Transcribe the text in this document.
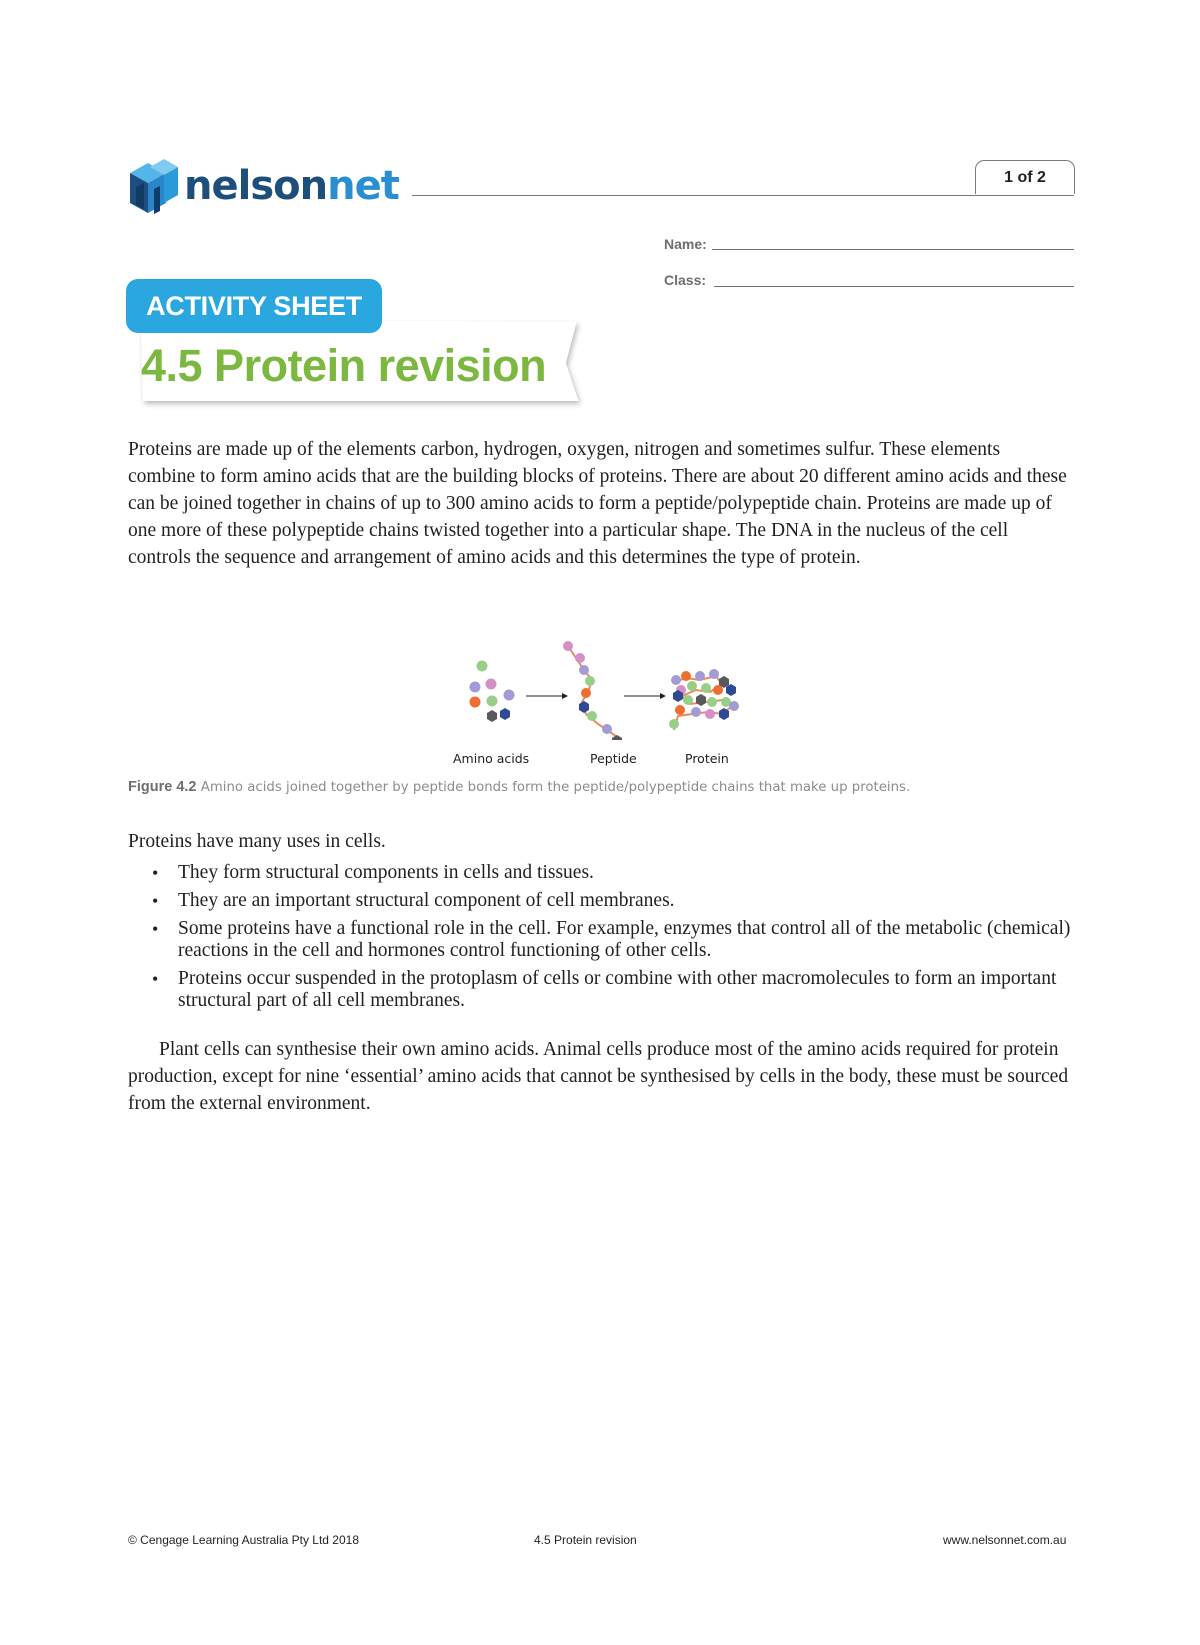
nelsonnet	1 of 2
Name:
Class:
ACTIVITY SHEET
4.5 Protein revision
Proteins are made up of the elements carbon, hydrogen, oxygen, nitrogen and sometimes sulfur. These elements combine to form amino acids that are the building blocks of proteins. There are about 20 different amino acids and these can be joined together in chains of up to 300 amino acids to form a peptide/polypeptide chain. Proteins are made up of one more of these polypeptide chains twisted together into a particular shape. The DNA in the nucleus of the cell controls the sequence and arrangement of amino acids and this determines the type of protein.
Amino acids	Peptide	Protein
Figure 4.2 Amino acids joined together by peptide bonds form the peptide/polypeptide chains that make up proteins.
Proteins have many uses in cells.
• They form structural components in cells and tissues.
• They are an important structural component of cell membranes.
• Some proteins have a functional role in the cell. For example, enzymes that control all of the metabolic (chemical) reactions in the cell and hormones control functioning of other cells.
• Proteins occur suspended in the protoplasm of cells or combine with other macromolecules to form an important structural part of all cell membranes.
Plant cells can synthesise their own amino acids. Animal cells produce most of the amino acids required for protein production, except for nine ‘essential’ amino acids that cannot be synthesised by cells in the body, these must be sourced from the external environment.
© Cengage Learning Australia Pty Ltd 2018	4.5 Protein revision	www.nelsonnet.com.au
